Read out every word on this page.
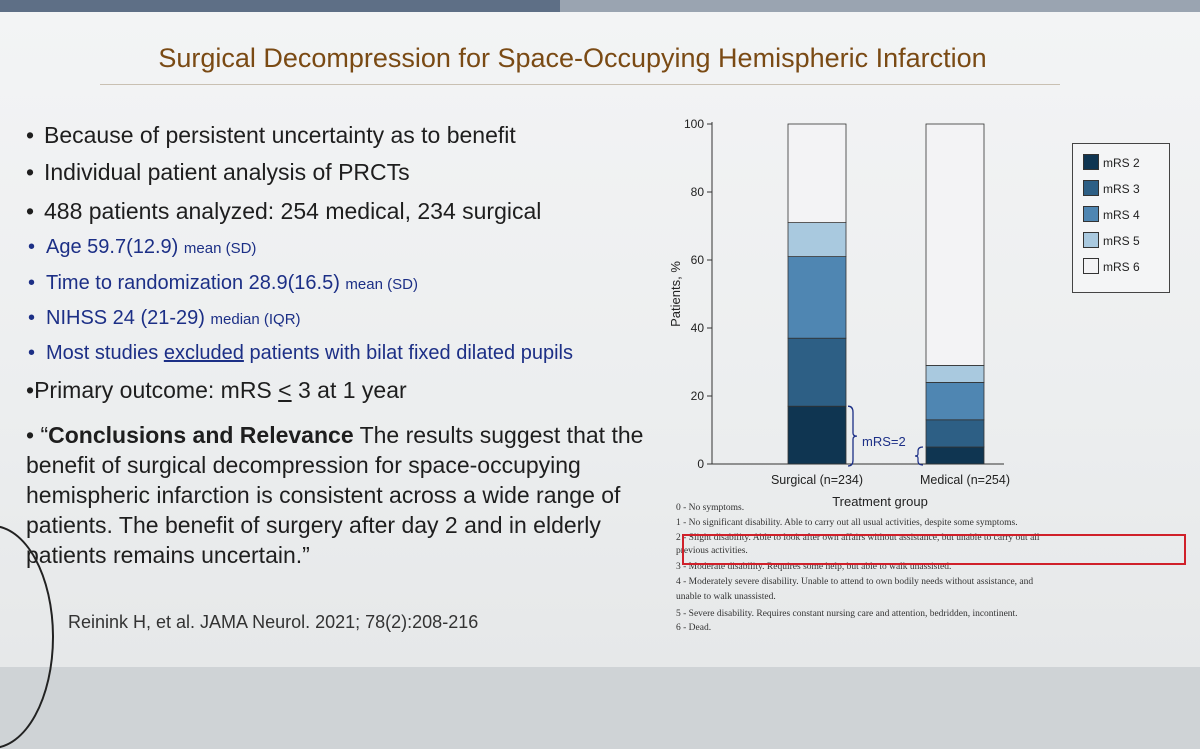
Surgical Decompression for Space-Occupying Hemispheric Infarction
• Because of persistent uncertainty as to benefit
• Individual patient analysis of PRCTs
• 488 patients analyzed: 254 medical, 234 surgical
• Age 59.7(12.9) mean (SD)
• Time to randomization 28.9(16.5) mean (SD)
• NIHSS 24 (21-29) median (IQR)
• Most studies excluded patients with bilat fixed dilated pupils
•Primary outcome: mRS ≤ 3 at 1 year
• “Conclusions and Relevance The results suggest that the benefit of surgical decompression for space-occupying hemispheric infarction is consistent across a wide range of patients. The benefit of surgery after day 2 and in elderly patients remains uncertain.”
Reinink H, et al. JAMA Neurol. 2021; 78(2):208-216
0
20
40
60
80
100
Patients, %
Surgical (n=234)	Medical (n=254)
Treatment group
mRS=2
mRS 2
mRS 3
mRS 4
mRS 5
mRS 6
0 - No symptoms.
1 - No significant disability. Able to carry out all usual activities, despite some symptoms.
2 - Slight disability. Able to look after own affairs without assistance, but unable to carry out all
previous activities.
3 - Moderate disability. Requires some help, but able to walk unassisted.
4 - Moderately severe disability. Unable to attend to own bodily needs without assistance, and
unable to walk unassisted.
5 - Severe disability. Requires constant nursing care and attention, bedridden, incontinent.
6 - Dead.
